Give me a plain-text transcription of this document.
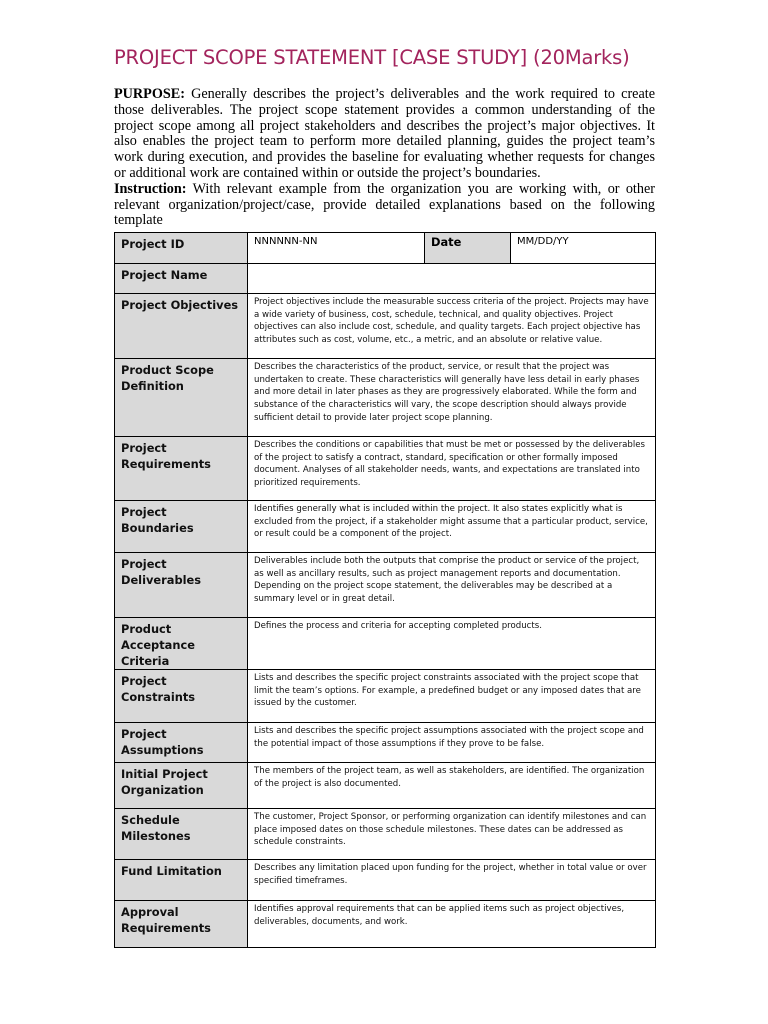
PROJECT SCOPE STATEMENT [CASE STUDY] (20Marks)

PURPOSE: Generally describes the project’s deliverables and the work required to create those deliverables. The project scope statement provides a common understanding of the project scope among all project stakeholders and describes the project’s major objectives. It also enables the project team to perform more detailed planning, guides the project team’s work during execution, and provides the baseline for evaluating whether requests for changes or additional work are contained within or outside the project’s boundaries.

Instruction: With relevant example from the organization you are working with, or other relevant organization/project/case, provide detailed explanations based on the following template

Project ID	NNNNNN-NN	Date	MM/DD/YY
Project Name			
Project Objectives	Project objectives include the measurable success criteria of the project. Projects may have a wide variety of business, cost, schedule, technical, and quality objectives. Project objectives can also include cost, schedule, and quality targets. Each project objective has attributes such as cost, volume, etc., a metric, and an absolute or relative value.		
Product Scope Definition	Describes the characteristics of the product, service, or result that the project was undertaken to create. These characteristics will generally have less detail in early phases and more detail in later phases as they are progressively elaborated. While the form and substance of the characteristics will vary, the scope description should always provide sufficient detail to provide later project scope planning.		
Project Requirements	Describes the conditions or capabilities that must be met or possessed by the deliverables of the project to satisfy a contract, standard, specification or other formally imposed document. Analyses of all stakeholder needs, wants, and expectations are translated into prioritized requirements.		
Project Boundaries	Identifies generally what is included within the project. It also states explicitly what is excluded from the project, if a stakeholder might assume that a particular product, service, or result could be a component of the project.		
Project Deliverables	Deliverables include both the outputs that comprise the product or service of the project, as well as ancillary results, such as project management reports and documentation. Depending on the project scope statement, the deliverables may be described at a summary level or in great detail.		
Product Acceptance Criteria	Defines the process and criteria for accepting completed products.		
Project Constraints	Lists and describes the specific project constraints associated with the project scope that limit the team’s options. For example, a predefined budget or any imposed dates that are issued by the customer.		
Project Assumptions	Lists and describes the specific project assumptions associated with the project scope and the potential impact of those assumptions if they prove to be false.		
Initial Project Organization	The members of the project team, as well as stakeholders, are identified. The organization of the project is also documented.		
Schedule Milestones	The customer, Project Sponsor, or performing organization can identify milestones and can place imposed dates on those schedule milestones. These dates can be addressed as schedule constraints.		
Fund Limitation	Describes any limitation placed upon funding for the project, whether in total value or over specified timeframes.		
Approval Requirements	Identifies approval requirements that can be applied items such as project objectives, deliverables, documents, and work.		
